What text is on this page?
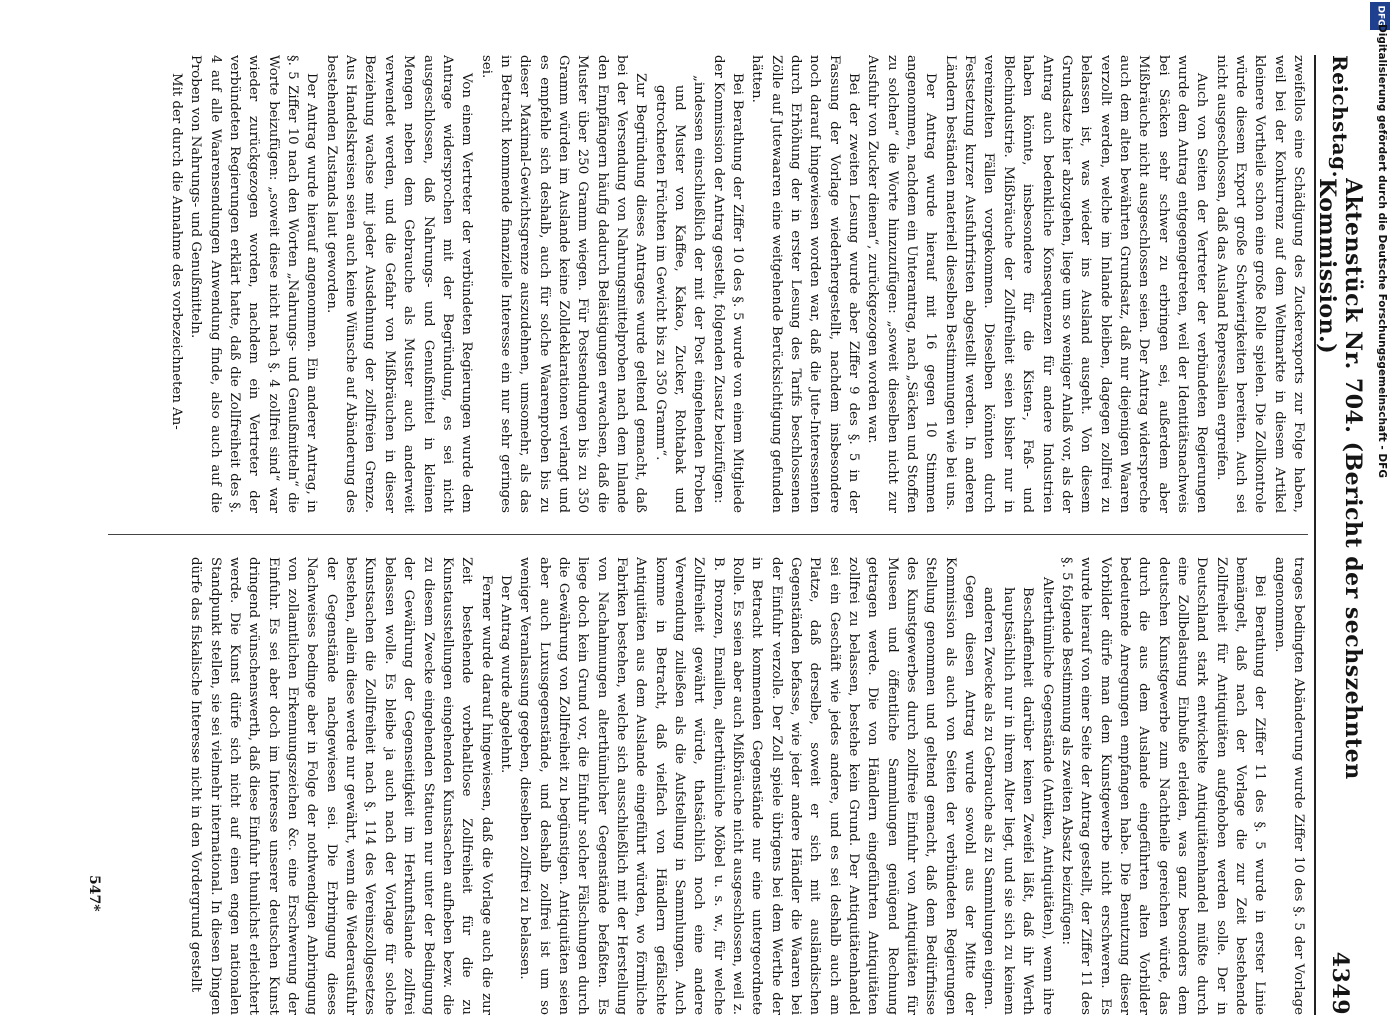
Reichstag.
Aktenstück Nr. 704. (Bericht der sechszehnten Kommission.)
4349

zweifellos eine Schädigung des Zuckerexports zur Folge haben, weil bei der Konkurrenz auf dem Weltmarkte in diesem Artikel kleinere Vortheile schon eine große Rolle spielen. Die Zollkontrole würde diesem Export große Schwierigkeiten bereiten. Auch sei nicht ausgeschlossen, daß das Ausland Repressalien ergreifen.

Auch von Seiten der Vertreter der verbündeten Regierungen wurde dem Antrag entgegengetreten, weil der Identitätsnachweis bei Säcken sehr schwer zu erbringen sei, außerdem aber Mißbräuche nicht ausgeschlossen seien. Der Antrag widerspreche auch dem alten bewährten Grundsatz, daß nur diejenigen Waaren verzollt werden, welche im Inlande bleiben, dagegen zollfrei zu belassen ist, was wieder ins Ausland ausgeht. Von diesem Grundsatze hier abzugehen, liege um so weniger Anlaß vor, als der Antrag auch bedenkliche Konsequenzen für andere Industrien haben könnte, insbesondere für die Kisten-, Faß- und Blechindustrie. Mißbräuche der Zollfreiheit seien bisher nur in vereinzelten Fällen vorgekommen. Dieselben könnten durch Festsetzung kurzer Ausfuhrfristen abgestellt werden. In anderen Ländern beständen materiell dieselben Bestimmungen wie bei uns.

Der Antrag wurde hierauf mit 16 gegen 10 Stimmen angenommen, nachdem ein Unterantrag, nach „Säcken und Stoffen zu solchen“ die Worte hinzuzufügen: „soweit dieselben nicht zur Ausfuhr von Zucker dienen“, zurückgezogen worden war.

Bei der zweiten Lesung wurde aber Ziffer 9 des §. 5 in der Fassung der Vorlage wiederhergestellt, nachdem insbesondere noch darauf hingewiesen worden war, daß die Jute-Interessenten durch Erhöhung der in erster Lesung des Tarifs beschlossenen Zölle auf Jutewaaren eine weitgehende Berücksichtigung gefunden hätten.

Bei Berathung der Ziffer 10 des §. 5 wurde von einem Mitgliede der Kommission der Antrag gestellt, folgenden Zusatz beizufügen:

„indessen einschließlich der mit der Post eingehenden Proben und Muster von Kaffee, Kakao, Zucker, Rohtabak und getrockneten Früchten im Gewicht bis zu 350 Gramm“.

Zur Begründung dieses Antrages wurde geltend gemacht, daß bei der Versendung von Nahrungsmittelproben nach dem Inlande den Empfängern häufig dadurch Belästigungen erwachsen, daß die Muster über 250 Gramm wiegen. Für Postsendungen bis zu 350 Gramm würden im Auslande keine Zolldeklarationen verlangt und es empfehle sich deshalb, auch für solche Waarenproben bis zu dieser Maximal-Gewichtsgrenze auszudehnen, umsomehr, als das in Betracht kommende finanzielle Interesse ein nur sehr geringes sei.

Von einem Vertreter der verbündeten Regierungen wurde dem Antrage widersprochen mit der Begründung, es sei nicht ausgeschlossen, daß Nahrungs- und Genußmittel in kleinen Mengen neben dem Gebrauche als Muster auch anderweit verwendet werden, und die Gefahr von Mißbräuchen in dieser Beziehung wachse mit jeder Ausdehnung der zollfreien Grenze. Aus Handelskreisen seien auch keine Wünsche auf Abänderung des bestehenden Zustands laut geworden.

Der Antrag wurde hierauf angenommen. Ein anderer Antrag, in §. 5 Ziffer 10 nach den Worten „Nahrungs- und Genußmitteln“ die Worte beizufügen: „soweit diese nicht nach §. 4 zollfrei sind“ war wieder zurückgezogen worden, nachdem ein Vertreter der verbündeten Regierungen erklärt hatte, daß die Zollfreiheit des §. 4 auf alle Waarensendungen Anwendung finde, also auch auf die Proben von Nahrungs- und Genußmitteln.

Mit der durch die Annahme des vorbezeichneten An-

trages bedingten Abänderung wurde Ziffer 10 des §. 5 der Vorlage angenommen.

Bei Berathung der Ziffer 11 des §. 5 wurde in erster Linie bemängelt, daß nach der Vorlage die zur Zeit bestehende Zollfreiheit für Antiquitäten aufgehoben werden solle. Der in Deutschland stark entwickelte Antiquitätenhandel müßte durch eine Zollbelastung Einbuße erleiden, was ganz besonders dem deutschen Kunstgewerbe zum Nachtheile gereichen würde, das durch die aus dem Auslande eingeführten alten Vorbilder bedeutende Anregungen empfangen habe. Die Benutzung dieser Vorbilder dürfe man dem Kunstgewerbe nicht erschweren. Es wurde hierauf von einer Seite der Antrag gestellt, der Ziffer 11 des §. 5 folgende Bestimmung als zweiten Absatz beizufügen:

Alterthümliche Gegenstände (Antiken, Antiquitäten), wenn ihre Beschaffenheit darüber keinen Zweifel läßt, daß ihr Werth hauptsächlich nur in ihrem Alter liegt, und sie sich zu keinem anderen Zwecke als zu Gebrauche als zu Sammlungen eignen.

Gegen diesen Antrag wurde sowohl aus der Mitte der Kommission als auch von Seiten der verbündeten Regierungen Stellung genommen und geltend gemacht, daß dem Bedürfnisse des Kunstgewerbes durch zollfreie Einfuhr von Antiquitäten für Museen und öffentliche Sammlungen genügend Rechnung getragen werde. Die von Händlern eingeführten Antiquitäten zollfrei zu belassen, bestehe kein Grund. Der Antiquitätenhandel sei ein Geschäft wie jedes andere, und es sei deshalb auch am Platze, daß derselbe, soweit er sich mit ausländischen Gegenständen befasse, wie jeder andere Händler die Waaren bei der Einfuhr verzolle. Der Zoll spiele übrigens bei dem Werthe der in Betracht kommenden Gegenstände nur eine untergeordnete Rolle. Es seien aber auch Mißbräuche nicht ausgeschlossen, weil z. B. Bronzen, Emaillen, alterthümliche Möbel u. s. w., für welche Zollfreiheit gewährt würde, thatsächlich noch eine andere Verwendung zuließen als die Aufstellung in Sammlungen. Auch komme in Betracht, daß vielfach von Händlern gefälschte Antiquitäten aus dem Auslande eingeführt würden, wo förmliche Fabriken bestehen, welche sich ausschließlich mit der Herstellung von Nachahmungen alterthümlicher Gegenstände befaßten. Es liege doch kein Grund vor, die Einfuhr solcher Fälschungen durch die Gewährung von Zollfreiheit zu begünstigen. Antiquitäten seien aber auch Luxusgegenstände, und deshalb zollfrei ist um so weniger Veranlassung gegeben, dieselben zollfrei zu belassen.

Der Antrag wurde abgelehnt.

Ferner wurde darauf hingewiesen, daß die Vorlage auch die zur Zeit bestehende vorbehaltlose Zollfreiheit für die zu Kunstausstellungen eingehenden Kunstsachen aufheben bezw. die zu diesem Zwecke eingehenden Statuen nur unter der Bedingung der Gewährung der Gegenseitigkeit im Herkunftslande zollfrei belassen wolle. Es bleibe ja auch nach der Vorlage für solche Kunstsachen die Zollfreiheit nach §. 114 des Vereinszollgesetzes bestehen, allein diese werde nur gewährt, wenn die Wiederausfuhr der Gegenstände nachgewiesen sei. Die Erbringung dieses Nachweises bedinge aber in Folge der nothwendigen Anbringung von zollamtlichen Erkennungszeichen &c. eine Erschwerung der Einfuhr. Es sei aber doch im Interesse unserer deutschen Kunst dringend wünschenswerth, daß diese Einfuhr thunlichst erleichtert werde. Die Kunst dürfe sich nicht auf einen engen nationalen Standpunkt stellen, sie sei vielmehr international. In diesen Dingen dürfe das fiskalische Interesse nicht in den Vordergrund gestellt

547*
DFG
Digitalisierung gefördert durch die Deutsche Forschungsgemeinschaft - DFG
